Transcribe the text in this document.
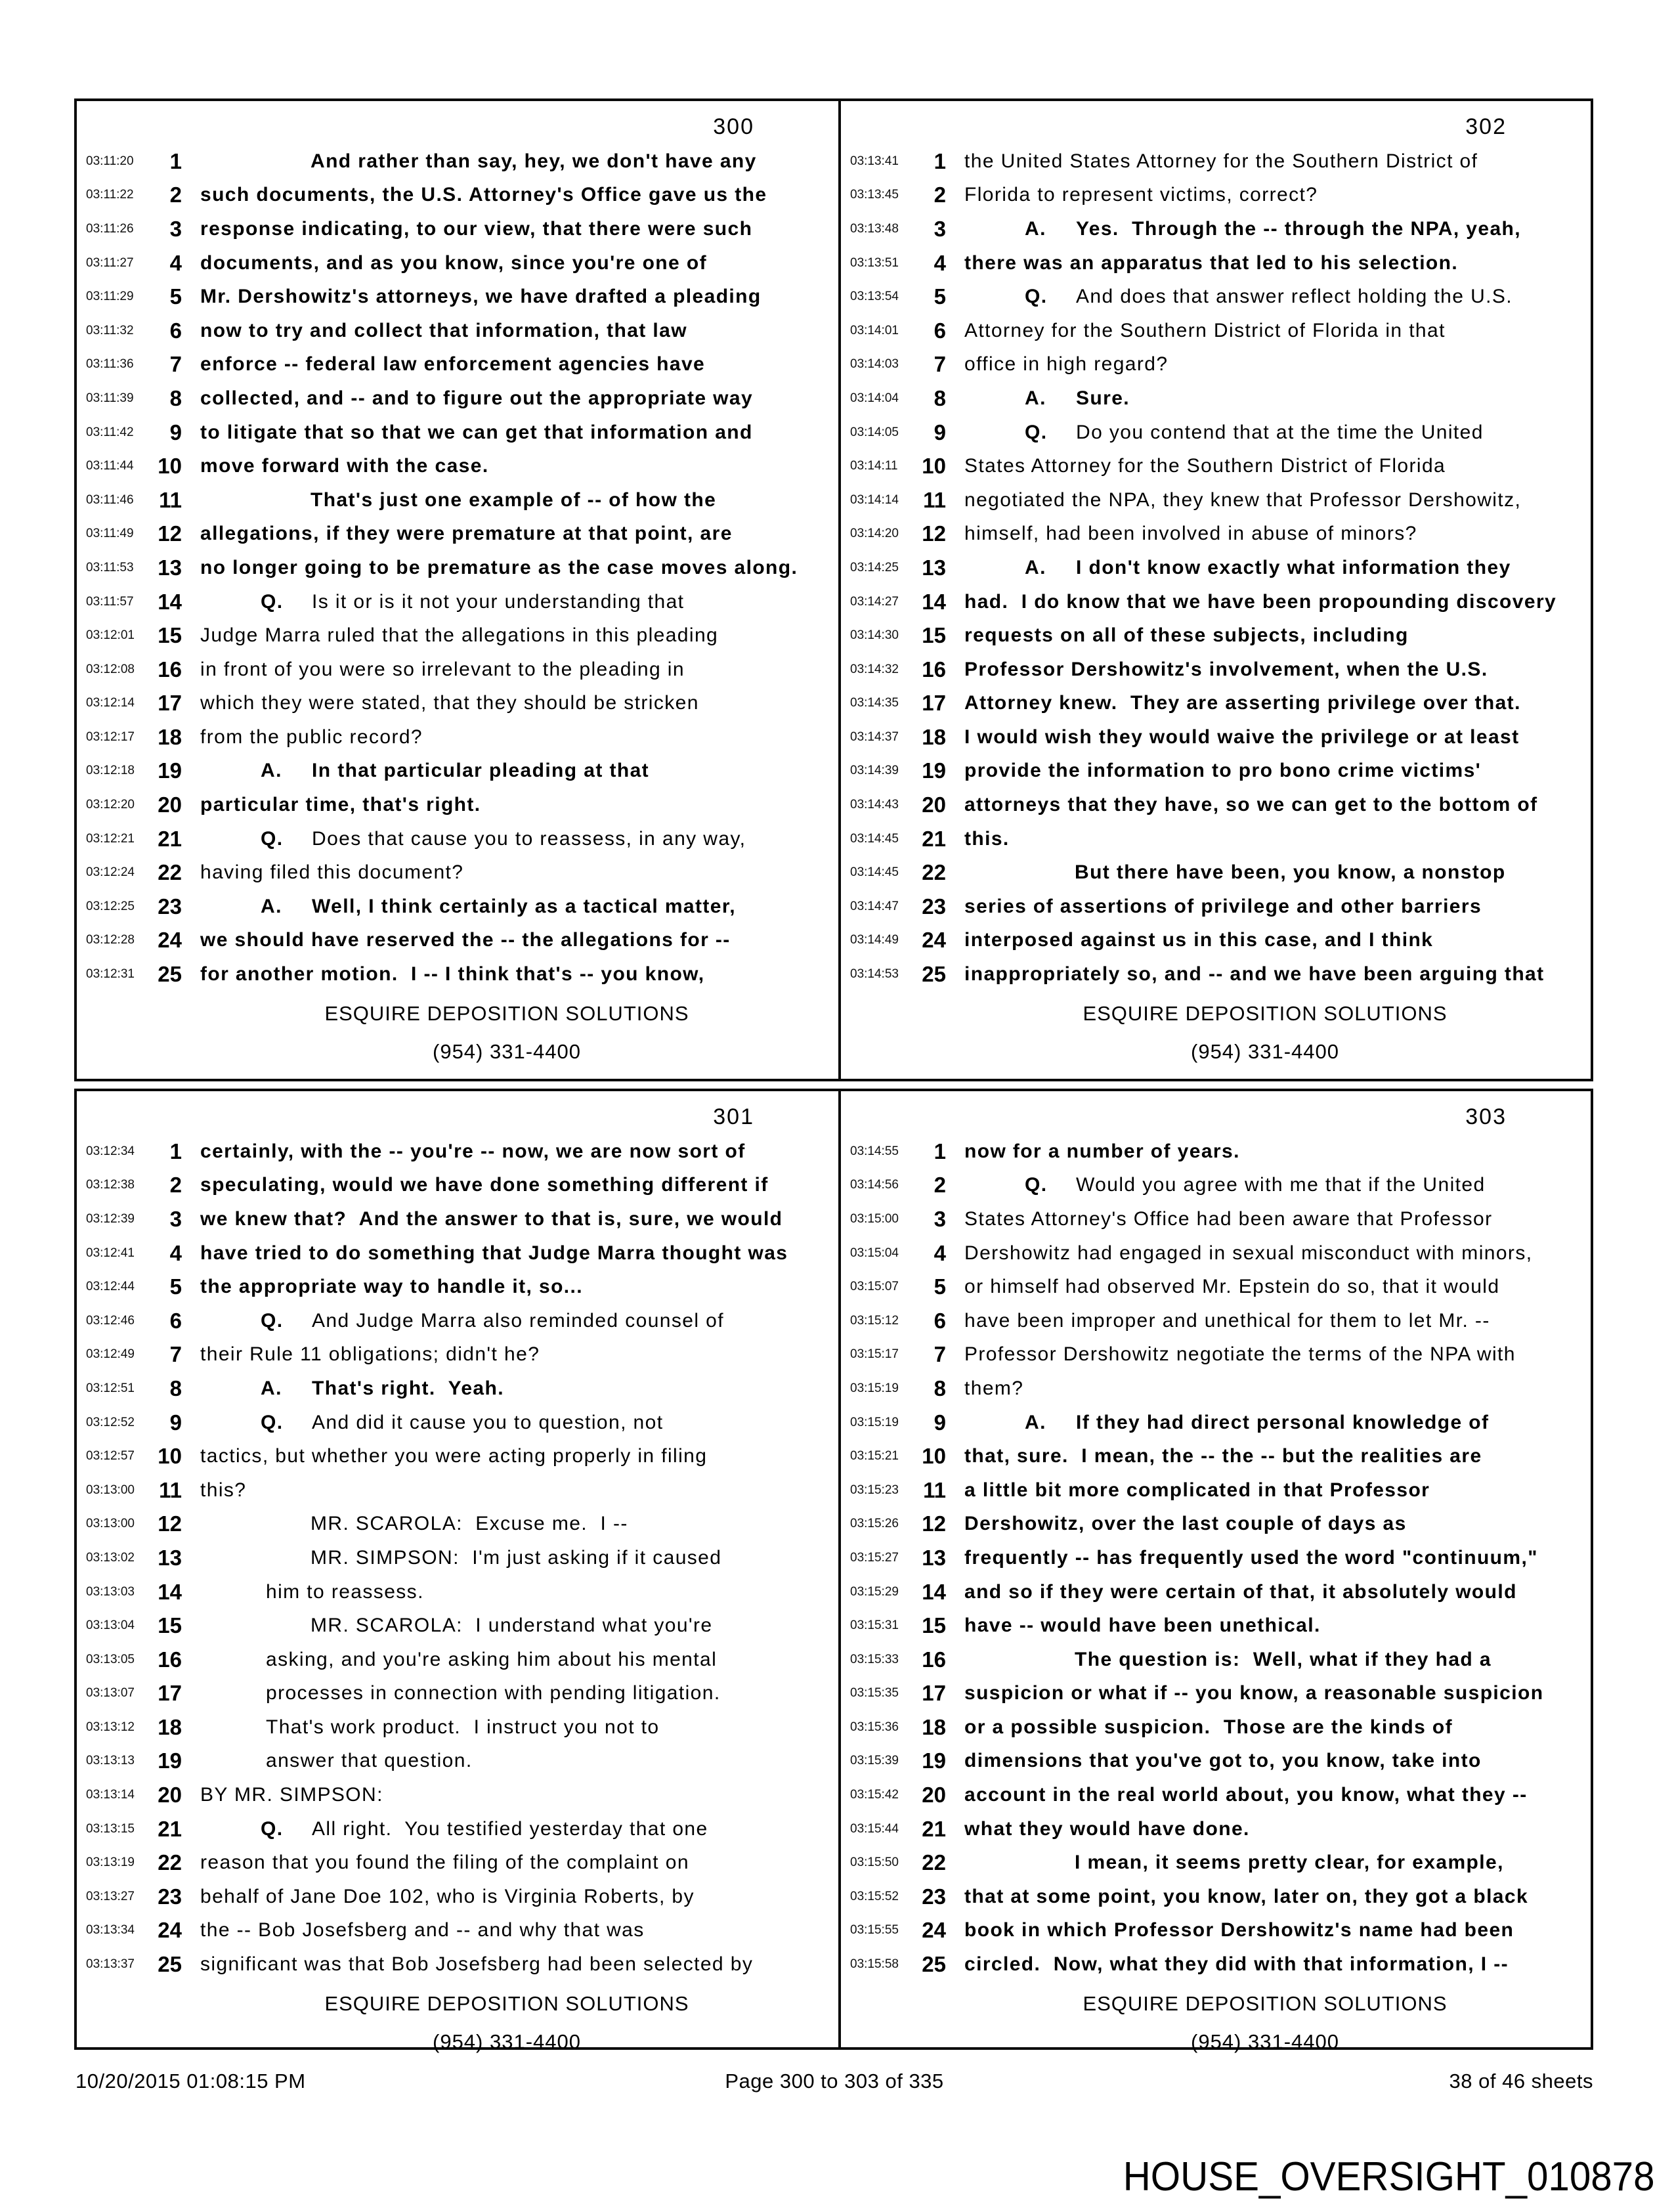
300
03:11:20	1	And rather than say, hey, we don't have any
03:11:22	2 such documents, the U.S. Attorney's Office gave us the
03:11:26	3 response indicating, to our view, that there were such
03:11:27	4 documents, and as you know, since you're one of
03:11:29	5 Mr. Dershowitz's attorneys, we have drafted a pleading
03:11:32	6 now to try and collect that information, that law
03:11:36	7 enforce -- federal law enforcement agencies have
03:11:39	8 collected, and -- and to figure out the appropriate way
03:11:42	9 to litigate that so that we can get that information and
03:11:44	10 move forward with the case.
03:11:46	11	That's just one example of -- of how the
03:11:49	12 allegations, if they were premature at that point, are
03:11:53	13 no longer going to be premature as the case moves along.
03:11:57	14	Q. Is it or is it not your understanding that
03:12:01	15 Judge Marra ruled that the allegations in this pleading
03:12:08	16 in front of you were so irrelevant to the pleading in
03:12:14	17 which they were stated, that they should be stricken
03:12:17	18 from the public record?
03:12:18	19	A. In that particular pleading at that
03:12:20	20 particular time, that's right.
03:12:21	21	Q. Does that cause you to reassess, in any way,
03:12:24	22 having filed this document?
03:12:25	23	A. Well, I think certainly as a tactical matter,
03:12:28	24 we should have reserved the -- the allegations for --
03:12:31	25 for another motion.  I -- I think that's -- you know,
ESQUIRE DEPOSITION SOLUTIONS
(954) 331-4400
302
03:13:41	1 the United States Attorney for the Southern District of
03:13:45	2 Florida to represent victims, correct?
03:13:48	3	A. Yes.  Through the -- through the NPA, yeah,
03:13:51	4 there was an apparatus that led to his selection.
03:13:54	5	Q. And does that answer reflect holding the U.S.
03:14:01	6 Attorney for the Southern District of Florida in that
03:14:03	7 office in high regard?
03:14:04	8	A. Sure.
03:14:05	9	Q. Do you contend that at the time the United
03:14:11	10 States Attorney for the Southern District of Florida
03:14:14	11 negotiated the NPA, they knew that Professor Dershowitz,
03:14:20	12 himself, had been involved in abuse of minors?
03:14:25	13	A. I don't know exactly what information they
03:14:27	14 had.  I do know that we have been propounding discovery
03:14:30	15 requests on all of these subjects, including
03:14:32	16 Professor Dershowitz's involvement, when the U.S.
03:14:35	17 Attorney knew.  They are asserting privilege over that.
03:14:37	18 I would wish they would waive the privilege or at least
03:14:39	19 provide the information to pro bono crime victims'
03:14:43	20 attorneys that they have, so we can get to the bottom of
03:14:45	21 this.
03:14:45	22	But there have been, you know, a nonstop
03:14:47	23 series of assertions of privilege and other barriers
03:14:49	24 interposed against us in this case, and I think
03:14:53	25 inappropriately so, and -- and we have been arguing that
ESQUIRE DEPOSITION SOLUTIONS
(954) 331-4400
301
03:12:34	1 certainly, with the -- you're -- now, we are now sort of
03:12:38	2 speculating, would we have done something different if
03:12:39	3 we knew that?  And the answer to that is, sure, we would
03:12:41	4 have tried to do something that Judge Marra thought was
03:12:44	5 the appropriate way to handle it, so...
03:12:46	6	Q. And Judge Marra also reminded counsel of
03:12:49	7 their Rule 11 obligations; didn't he?
03:12:51	8	A. That's right.  Yeah.
03:12:52	9	Q. And did it cause you to question, not
03:12:57	10 tactics, but whether you were acting properly in filing
03:13:00	11 this?
03:13:00	12	MR. SCAROLA:  Excuse me.  I --
03:13:02	13	MR. SIMPSON:  I'm just asking if it caused
03:13:03	14	him to reassess.
03:13:04	15	MR. SCAROLA:  I understand what you're
03:13:05	16	asking, and you're asking him about his mental
03:13:07	17	processes in connection with pending litigation.
03:13:12	18	That's work product.  I instruct you not to
03:13:13	19	answer that question.
03:13:14	20 BY MR. SIMPSON:
03:13:15	21	Q. All right.  You testified yesterday that one
03:13:19	22 reason that you found the filing of the complaint on
03:13:27	23 behalf of Jane Doe 102, who is Virginia Roberts, by
03:13:34	24 the -- Bob Josefsberg and -- and why that was
03:13:37	25 significant was that Bob Josefsberg had been selected by
ESQUIRE DEPOSITION SOLUTIONS
(954) 331-4400
303
03:14:55	1 now for a number of years.
03:14:56	2	Q. Would you agree with me that if the United
03:15:00	3 States Attorney's Office had been aware that Professor
03:15:04	4 Dershowitz had engaged in sexual misconduct with minors,
03:15:07	5 or himself had observed Mr. Epstein do so, that it would
03:15:12	6 have been improper and unethical for them to let Mr. --
03:15:17	7 Professor Dershowitz negotiate the terms of the NPA with
03:15:19	8 them?
03:15:19	9	A. If they had direct personal knowledge of
03:15:21	10 that, sure.  I mean, the -- the -- but the realities are
03:15:23	11 a little bit more complicated in that Professor
03:15:26	12 Dershowitz, over the last couple of days as
03:15:27	13 frequently -- has frequently used the word "continuum,"
03:15:29	14 and so if they were certain of that, it absolutely would
03:15:31	15 have -- would have been unethical.
03:15:33	16	The question is:  Well, what if they had a
03:15:35	17 suspicion or what if -- you know, a reasonable suspicion
03:15:36	18 or a possible suspicion.  Those are the kinds of
03:15:39	19 dimensions that you've got to, you know, take into
03:15:42	20 account in the real world about, you know, what they --
03:15:44	21 what they would have done.
03:15:50	22	I mean, it seems pretty clear, for example,
03:15:52	23 that at some point, you know, later on, they got a black
03:15:55	24 book in which Professor Dershowitz's name had been
03:15:58	25 circled.  Now, what they did with that information, I --
ESQUIRE DEPOSITION SOLUTIONS
(954) 331-4400
10/20/2015 01:08:15 PM	Page 300 to 303 of 335	38 of 46 sheets
HOUSE_OVERSIGHT_010878
